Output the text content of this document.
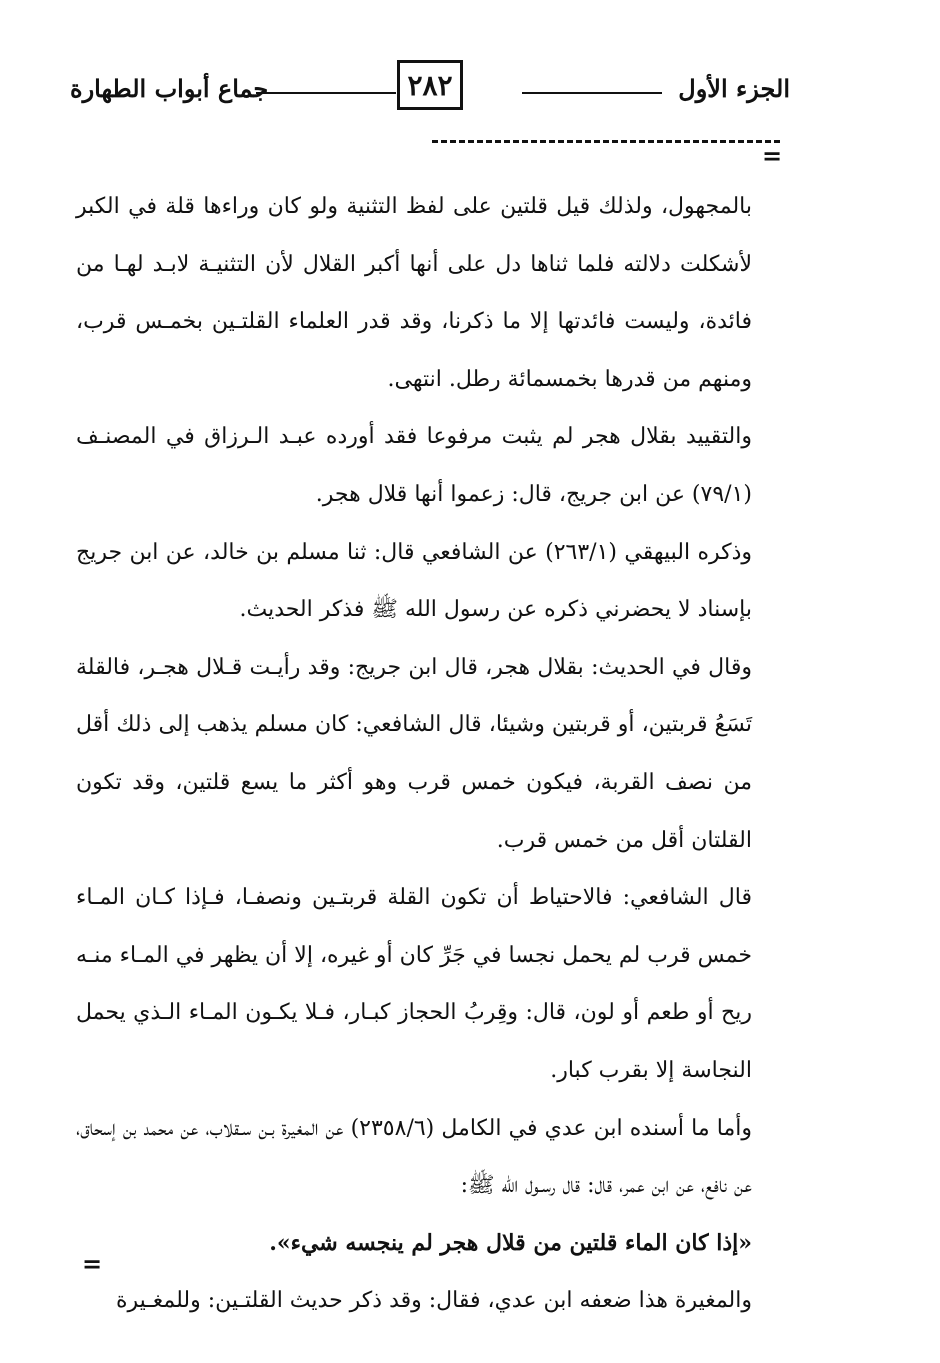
الجزء الأول
٢٨٢
جماع أبواب الطهارة
=

بالمجهول، ولذلك قيل قلتين على لفظ التثنية ولو كان وراءها قلة في الكبر لأشكلت دلالته فلما ثناها دل على أنها أكبر القلال لأن التثنيـة لابـد لهـا من فائدة، وليست فائدتها إلا ما ذكرنا، وقد قدر العلماء القلتـين بخمـس قرب، ومنهم من قدرها بخمسمائة رطل. انتهى.

والتقييد بقلال هجر لم يثبت مرفوعا فقد أورده عبـد الـرزاق في المصنـف (٧٩/١) عن ابن جريج، قال: زعموا أنها قلال هجر.

وذكره البيهقي (٢٦٣/١) عن الشافعي قال: ثنا مسلم بن خالد، عن ابن جريج بإسناد لا يحضرني ذكره عن رسول الله ﷺ فذكر الحديث.

وقال في الحديث: بقلال هجر، قال ابن جريج: وقد رأيـت قـلال هجـر، فالقلة تَسَعُ قربتين، أو قربتين وشيئا، قال الشافعي: كان مسلم يذهب إلى ذلك أقل من نصف القربة، فيكون خمس قرب وهو أكثر ما يسع قلتين، وقد تكون القلتان أقل من خمس قرب.

قال الشافعي: فالاحتياط أن تكون القلة قربتـين ونصفـا، فـإذا كـان المـاء خمس قرب لم يحمل نجسا في جَرِّ كان أو غيره، إلا أن يظهر في المـاء منـه ريح أو طعم أو لون، قال: وقِربُ الحجاز كبـار، فـلا يكـون المـاء الـذي يحمل النجاسة إلا بقرب كبار.

وأما ما أسنده ابن عدي في الكامل (٢٣٥٨/٦) عن المغيرة بـن سـقلاب، عن محمد بن إسحاق، عن نافع، عن ابن عمر، قال: قال رسـول الله ﷺ:

«إذا كان الماء قلتين من قلال هجر لم ينجسه شيء».

والمغيرة هذا ضعفه ابن عدي، فقال: وقد ذكر حديث القلتـين: وللمغـيرة

=
